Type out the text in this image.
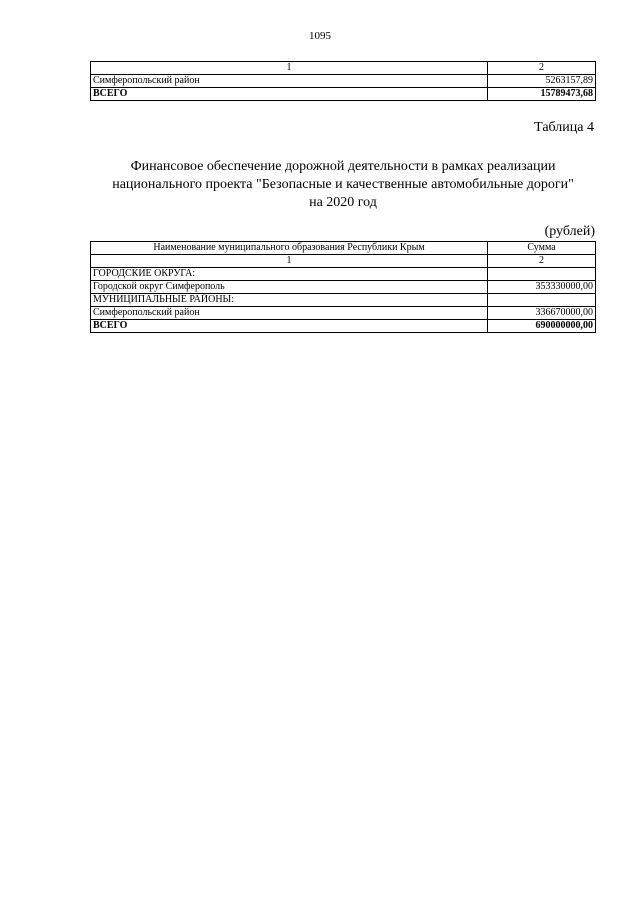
1095
1	2
Симферопольский район	5263157,89
ВСЕГО	15789473,68
Таблица 4
Финансовое обеспечение дорожной деятельности в рамках реализации
национального проекта "Безопасные и качественные автомобильные дороги"
на 2020 год
(рублей)
Наименование муниципального образования Республики Крым	Сумма
1	2
ГОРОДСКИЕ ОКРУГА:	
Городской округ Симферополь	353330000,00
МУНИЦИПАЛЬНЫЕ РАЙОНЫ:	
Симферопольский район	336670000,00
ВСЕГО	690000000,00
